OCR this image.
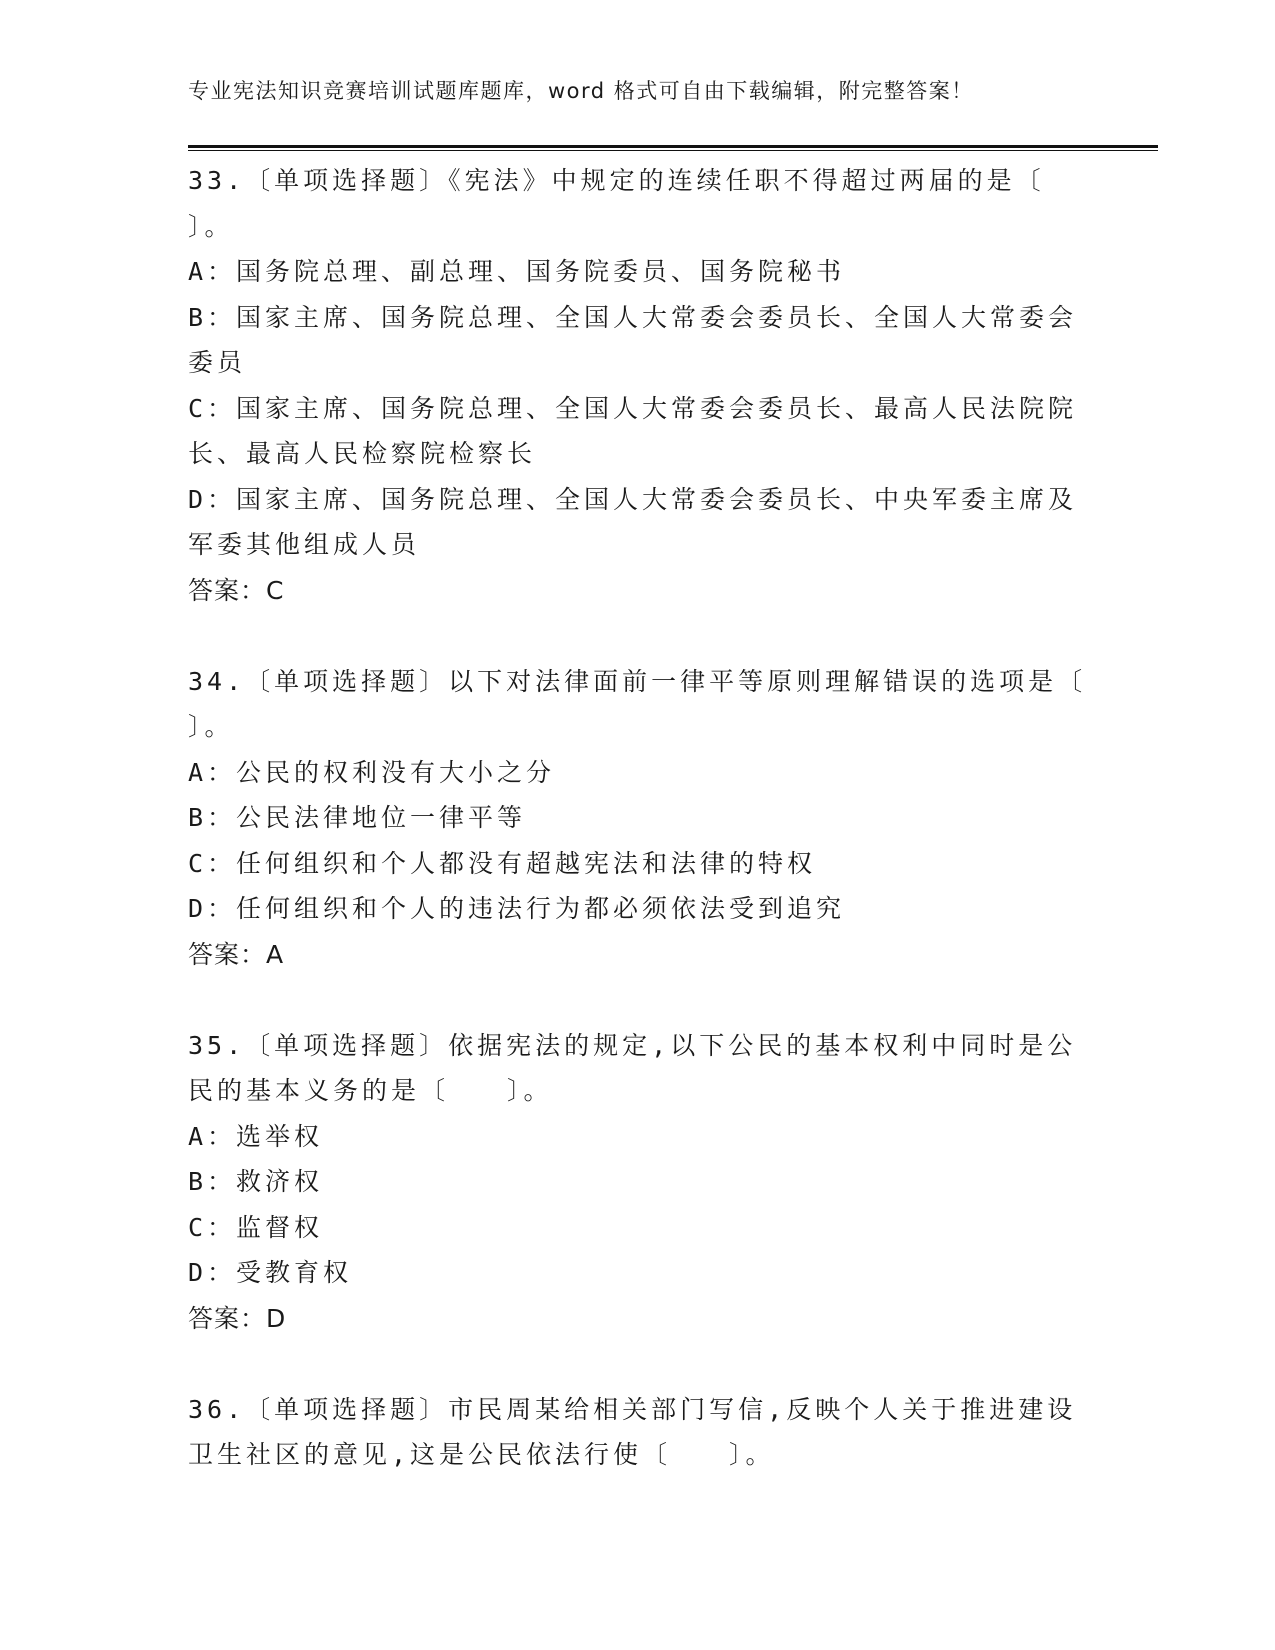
专业宪法知识竞赛培训试题库题库，word 格式可自由下载编辑，附完整答案！
33.〔单项选择题〕《宪法》中规定的连续任职不得超过两届的是〔
〕。
A：国务院总理、副总理、国务院委员、国务院秘书
B：国家主席、国务院总理、全国人大常委会委员长、全国人大常委会
委员
C：国家主席、国务院总理、全国人大常委会委员长、最高人民法院院
长、最高人民检察院检察长
D：国家主席、国务院总理、全国人大常委会委员长、中央军委主席及
军委其他组成人员
答案：C
34.〔单项选择题〕以下对法律面前一律平等原则理解错误的选项是〔
〕。
A：公民的权利没有大小之分
B：公民法律地位一律平等
C：任何组织和个人都没有超越宪法和法律的特权
D：任何组织和个人的违法行为都必须依法受到追究
答案：A
35.〔单项选择题〕依据宪法的规定,以下公民的基本权利中同时是公
民的基本义务的是〔　　〕。
A：选举权
B：救济权
C：监督权
D：受教育权
答案：D
36.〔单项选择题〕市民周某给相关部门写信,反映个人关于推进建设
卫生社区的意见,这是公民依法行使〔　　〕。
